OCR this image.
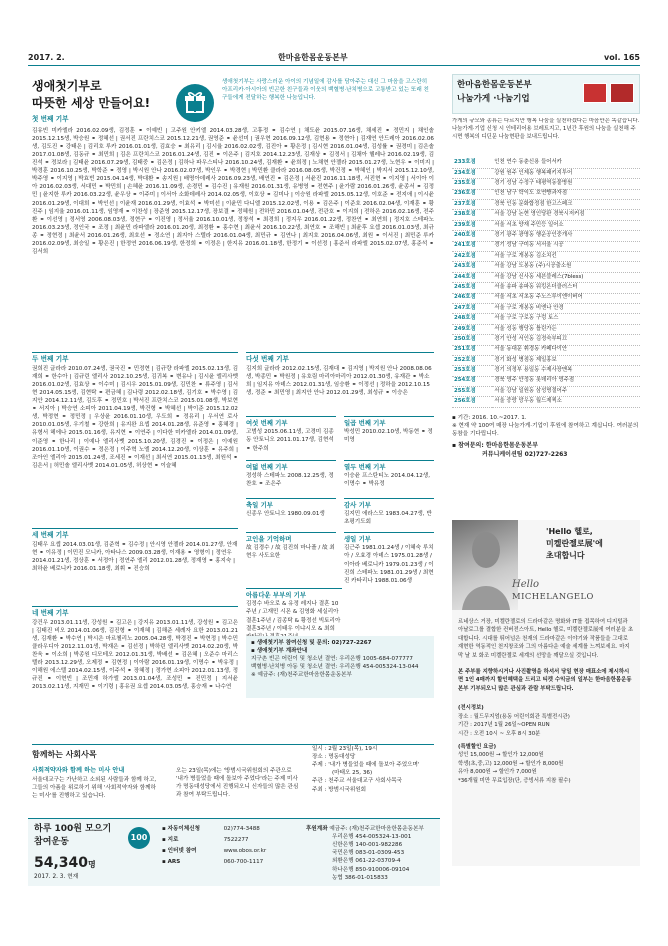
2017. 2.	한마음한몸운동본부	vol. 165
생애첫기부로
따뜻한 세상 만들어요!
생애첫기부는 사랑스러운 아이의 기념일에 감사를 담아주는 대신 그 마음을 고스란히 아프리카·아시아의 빈곤한 친구들과 이웃의 백혈병·난치병으로 고통받고 있는 또래 친구들에게 전달하는 행복한 나눔입니다.
첫 번째 기부
김유빈 미카엘라 2016.02.09생, 김정훈 ⚭ 이예빈 | 고주원 안키엘 2014.03.28생, 고휴정 ⚭ 김수연 | 채도윤 2015.07.16생, 채세진 ⚭ 정민지 | 채인솔 2015.12.15생, 박승원 ⚭ 정혜선 | 권서진 프란치스코 2015.12.21생, 권영준 ⚭ 윤선미 | 권우현 2016.09.12생, 김현용 ⚭ 정현아 | 김재연 안드레아 2016.02.06생, 김도진 ⚭ 강태은 | 김리호 루카 2016.01.01생, 김효승 ⚭ 최유리 | 김시율 2016.02.02생, 김진아 ⚭ 황은정 | 김시현 2016.01.04생, 김성률 ⚭ 권경미 | 김은솔 2017.01.08생, 김동규 ⚭ 최민희 | 김은 프란치스코 2016.01.24생, 김진 ⚭ 이은주 | 김지호 2014.12.23생, 김재상 ⚭ 김정서 | 김채아 헬레나 2016.02.19생, 김진석 ⚭ 정보라 | 김태윤 2016.07.29생, 김태중 ⚭ 김은정 | 김하나 파우스티나 2016.10.24생, 김재환 ⚭ 윤희정 | 노채현 안젤라 2015.01.27생, 노현우 ⚭ 이미지 | 박경훈 2016.10.25생, 박학준 ⚭ 정영 | 박시원 안나 2016.02.07생, 박인우 ⚭ 박경현 | 박민환 클라라 2016.08.05생, 박건정 ⚭ 박혜인 | 박지서 2015.12.10생, 박주영 ⚭ 이지영 | 박효빈 2015.04.14생, 박대환 ⚭ 송지원 | 배명아데레사 2016.09.23생, 배연진 ⚭ 김은정 | 서윤진 2016.11.18생, 서진현 ⚭ 이지영 | 서이아 이아 2016.02.03생, 서대민 ⚭ 박민희 | 손혜윤 2016.11.09생, 손경민 ⚭ 김수진 | 유재원 2016.01.31생, 유병영 ⚭ 전현주 | 윤가람 2016.01.26생, 윤종서 ⚭ 김정민 | 윤지한 루카 2016.03.22생, 윤우상 ⚭ 이주미 | 이서아 소화데레사 2014.02.05생, 이호상 ⚭ 김미나 | 이승원 라파엘 2015.05.12생, 이호준 ⚭ 전지애 | 이시윤 2016.01.29생, 이대희 ⚭ 박인선 | 이윤재 2016.01.29생, 이효석 ⚭ 박미선 | 이윤민 다니엘 2015.12.02생, 이용 ⚭ 김은주 | 이준호 2016.02.04생, 이재훈 ⚭ 황진주 | 임지율 2016.01.11생, 임영재 ⚭ 이찬성 | 장준영 2015.12.17생, 장보결 ⚭ 정혜원 | 전하민 2016.01.04생, 전관호 ⚭ 이지희 | 전하은 2016.02.16생, 전주환 ⚭ 이선영 | 정서영 2006.08.03생, 정현구 ⚭ 이진영 | 정서율 2016.10.01생, 정창석 ⚭ 최경희 | 정지우 2016.01.22생, 정찬연 ⚭ 최연희 | 정지호 스테파노 2016.03.23생, 정인국 ⚭ 조정 | 최윤민 라파엘라 2016.01.20생, 최정환 ⚭ 홍수현 | 최윤서 2016.10.22생, 최연호 ⚭ 조해빈 | 최윤후 요셉 2016.01.03생, 최규종 ⚭ 정현정 | 최윤서 2016.01.26생, 최호선 ⚭ 정소연 | 최지아 스텔라 2016.01.04생, 최민규 ⚭ 김연나 | 최지호 2016.04.06생, 최원 ⚭ 이서진 | 최민준 루카 2016.02.09생, 최승일 ⚭ 황은진 | 한정연 2016.06.19생, 한정희 ⚭ 이정은 | 한지유 2016.01.18생, 한정기 ⚭ 이선정 | 홍준서 라파엘 2015.02.07생, 홍준석 ⚭ 김서희
두 번째 기부
권희진 글라라 2010.07.24생, 권국진 ⚭ 민정현 | 김규량 라파엘 2015.02.13생, 김재희 ⚭ 한수아 | 김규린 엘리사 2012.10.25생, 김귀복 ⚭ 변유나 | 김시윤 엘리사벳 2016.01.02생, 김효상 ⚭ 이수미 | 김시우 2015.01.09생, 김민찬 ⚭ 류주영 | 김서현 2014.05.15생, 김현탁 ⚭ 편금혜 | 김나령 2012.02.18생, 김기호 ⚭ 박수영 | 김지안 2014.12.11생, 김도후 ⚭ 정민호 | 박서진 프란치스코 2015.01.08생, 박보현 ⚭ 서지아 | 박승연 소피아 2011.04.19생, 박건형 ⚭ 박혜선 | 박이준 2015.12.02생, 박정현 ⚭ 정민정 | 우상윤 2016.01.10생, 우도희 ⚭ 정유리 | 우서연 로사 2010.01.05생, 우기철 ⚭ 강한희 | 유지완 요셉 2014.01.28생, 유준영 ⚭ 홍혜경 | 유형서 헤에나 2015.01.16생, 유지현 ⚭ 이연주 | 이다한 미카엘라 2014.01.09생, 이준영 ⚭ 한나리 | 이예나 엘리사벳 2015.10.20생, 김경진 ⚭ 이정은 | 이예원 2016.01.10생, 이권수 ⚭ 정은정 | 이주혁 노엘 2014.12.20생, 이상훈 ⚭ 유주희 | 조아인 엘리아 2015.01.24생, 조세진 ⚭ 이재선 | 최서연 2015.01.13생, 최원석 ⚭ 김은서 | 허민솔 엘리사벳 2014.01.05생, 허상현 ⚭ 이슬혜
세 번째 기부
김태우 요셉 2014.03.01생, 김준혁 ⚭ 김수정 | 안시영 안젤라 2014.01.27생, 안재현 ⚭ 이유정 | 이민진 모니카, 아타나스 2009.03.28생, 이재용 ⚭ 영형이 | 정연우 2014.01.21생, 정상훈 ⚭ 서정아 | 정연주 엘리 2012.01.28생, 정재영 ⚭ 홍지숙 | 최하윤 베로니카 2016.01.18생, 최휘 ⚭ 진승희
네 번째 기부
강건우 2013.01.11생, 강성원 ⚭ 김고은 | 강지유 2013.01.11생, 강성원 ⚭ 김고은 | 김태진 비오 2014.01.06생, 김진형 ⚭ 이재혜 | 김해준 세례자 요한 2013.01.21생, 김재환 ⚭ 박수연 | 박시은 마르첼리노 2005.04.28생, 박경진 ⚭ 박현정 | 박수민 클라우디아 2012.11.01생, 박재은 ⚭ 김선정 | 박하린 엘리사벳 2014.02.20생, 박찬욱 ⚭ 이소희 | 박종원 디모테오 2012.01.31생, 박배선 ⚭ 김은혜 | 오준수 마리스텔라 2013.12.29생, 오제정 ⚭ 김현정 | 이아람 2016.01.19생, 이명수 ⚭ 박유정 | 이해원 에스텔 2014.02.15생, 이주석 ⚭ 장혜정 | 정가현 소피아 2012.01.13생, 정규진 ⚭ 이현빈 | 조민재 하가엘 2013.01.04생, 조성민 ⚭ 진민정 | 지서윤 2013.02.11생, 지재민 ⚭ 이기령 | 홍유권 요셉 2014.03.05생, 홍승재 ⚭ 나수연
다섯 번째 기부
김지희 글라라 2012.02.15생, 김재대 ⚭ 김지영 | 박지원 안나 2008.08.06생, 박종민 ⚭ 박원정 | 유호림 마리아마리아 2012.01.30생, 유재관 ⚭ 박소희 | 임지유 아녜스 2012.01.31생, 임승환 ⚭ 이정선 | 정하을 2012.10.15생, 정준 ⚭ 최민영 | 최지안 안나 2012.01.29생, 최성규 ⚭ 이승은
여섯 번째 기부
고범성 2015.06.11생, 고경미 김종동 안토니오 2011.01.17생, 김현석 ⚭ 한주희
일곱 번째 기부
박성민 2010.02.10생, 박동현 ⚭ 정미영
여덟 번째 기부
정성하 스테파노 2008.12.25생, 정찬호 ⚭ 조은주
열두 번째 기부
이승윤 프스탄티노 2014.04.12생, 이명수 ⚭ 박유정
축일 기부
신종우 안토니오 1980.09.01생
감사 기부
김지민 에라스모 1983.04.27생, 반초평기도회
고인을 기억하며
故 김경수 / 故 김진희 마나플 / 故 최현우 사도요한
생일 기부
김근주 1981.01.24생 / 이혜숙 루치아 / 오효경 아녜스 1975.01.28생 / 이아라 베로니카 1979.01.23생 / 이진희 스테파노 1981.01.29생 / 최현진 카타리나 1988.01.06생
아름다운 부부의 기부
김정수 바오로 & 유정 레지나 결혼 10주년 / 고재민 시몬 & 김영화 세실리아 결혼1주년 / 김종탁 & 황정선 빅토리아 결혼3주년 / 이태우 이냐시오 & 최희
▪ 생애첫기부 참여신청 및 문의: 02)727-2267
▪ 생애첫기부 계좌안내
지구촌 빈곤 어린이 및 청소년 결연: 우리은행 1005-684-077777
백혈병·난치병 아동 및 청소년 결연: 우리은행 454-005324-13-044
※ 예금주: (재)천주교한마음한몸운동본부
한마음한몸운동본부
나눔가게 ·나눔기업
가게의 규모와 종류는 다르지만 행복 나눔을 실천하겠다는 마음만은 똑같습니다. 나눔가게·기업 신청 시 인테리어용 브레트지고, 1년간 후원의 나눔을 실천해 주시면 행복의 디딘문 나눔현판을 보내드립니다.
233호점	인천 연수 동춘신용 들어서카
234호점	강원 원주 인제동 행복패키지투어
235호점	경기 성남 수정구 태평역동물병원
236호점	인천 남구 학익도 호연빵과자점
237호점	경북 인동 문화합정점 한고스페크
238호점	서울 강남 논현 영인당판 경북시저커점
239호점	서울 서초 양재 주민등 일어소
240호점	경기 광주 광명동 행운공인중개사
241호점	경기 성남 구미동 서서울 시공
242호점	서울 구로 개봉동 김소치킨
243호점	서울 강남 도봉동 (주)시공출소원
244호점	서울 강남 신사동 세븐블레스(7bless)
245호점	서울 송파 송파동 워킹온더클러스터
246호점	서울 서초 서초동 주노스루이엔이버어
247호점	서울 구로 개봉동 비엔나 안경
248호점	서울 구로 구로동 구렁 토스
249호점	서울 성동 행당동 틀린가든
250호점	경기 안성 서인동 김정숙부띠끄
251호점	서울 동대문 휘경동 카페다이안
252호점	경기 화성 병점동 제일홍보
253호점	경기 의정부 용일동 수제사장맨복
254호점	경북 영주 안정동 롯데리아 영주점
255호점	서울 강남 일원동 삼성명절어주
256호점	서울 중랑 망우동 월드제찍소
▪ 기간: 2016. 10.~2017. 1.
※ 현재 약 100여 매장 나눔가게·기업이 후원에 참여하고 계십니다. 여러분의 동참을 기다립니다.
▪ 참여문의: 한마음한몸운동본부
커뮤니케이션팀 02)727-2263
'Hello 헬로,
미켈란젤로展'에
초대합니다
Hello
MICHELANGELO
르네상스 거장, 미켈란젤로의 드라마같은 명화와 IT를 접목하여 디지털과 아날로그를 결합한 컨버전스아트, Hello 헬로, 미켈란젤로展에 여러분을 초대합니다. 시대를 뛰어넘은 천재의 드라마같은 이야기와 작품들을 그대로 재현한 역동적인 천지창조와 그의 아름다운 예술 세계를 느껴보세요. 마지막 날 보 화조 미켈란젤로 세계의 선망을 깨달으실 것입니다.
본 주부를 지향하시거나 사진촬영을 하셔서 당일 현장 매표소에 제시하시면 1인 4매까지 할인혜택을 드리고 티켓 수익금의 일부는 한마음한몸운동본부 기부되오니 많은 관심과 관람 부탁드립니다.
(전시정보)
장소 : 월드무지엄(용동 어린이회관 특별전시관)
기간 : 2017년 1월 26일~OPEN RUN
시간 : 오전 10시 ~ 오후 8시 30분
(특별할인 요금)
성인 15,000원 → 할인가 12,000원
학생(초,중,고) 12,000원 → 할인가 8,000원
유아 8,000원 → 할인가 7,000원
*36개월 미만 무료입장(단, 증빙서류 지참 필수)
함께하는 사회사목
사회적약자와 함께 하는 미사 안내
서울대교구는 가난하고 소외된 사람들과 함께 하고, 그들의 아픔을 위로하기 위해 '사회적약자와 함께하는 미사'를 진행하고 있습니다.
오는 23일(목)에는 '방범시국위원회의 주관으로 '내가 병들었을 때에 돌보아 주었다'라는 주제 미사가 명동대성당에서 진행되오니 신자들의 많은 관심과 참여 부탁드립니다.
일시 : 2월 23일(목), 19시
장소 : 명동대성당
주제 : '내가 병들었을 때에 돌보아 주었으며'
(마태오 25, 36)
주관 : 천주교 서울대교구 사회사목국
주최 : 방범시국위원회
하루 100원 모으기
참여운동	100
54,340명
2017. 2. 3. 현재
▪ 자동이체신청	02)774-3488
▪ 지로	7522277
▪ 인터넷 참여	www.obos.or.kr
▪ ARS	060-700-1117
후원계좌 예금주: (재)천주교한마음한몸운동본부
우리은행 454-005324-13-001
신한은행 140-001-982286
국민은행 083-01-0309-453
외환은행 061-22-03709-4
하나은행 850-910006-09104
농협 386-01-015833
